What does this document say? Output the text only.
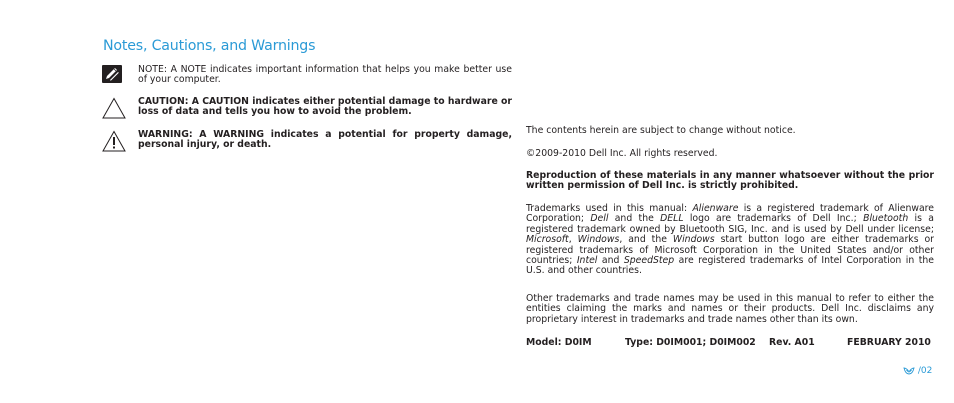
Notes, Cautions, and Warnings
NOTE: A NOTE indicates important information that helps you make better use of your computer.
CAUTION: A CAUTION indicates either potential damage to hardware or loss of data and tells you how to avoid the problem.
WARNING: A WARNING indicates a potential for property damage, personal injury, or death.

The contents herein are subject to change without notice.

©2009-2010 Dell Inc. All rights reserved.

Reproduction of these materials in any manner whatsoever without the prior written permission of Dell Inc. is strictly prohibited.

Trademarks used in this manual: Alienware is a registered trademark of Alienware Corporation; Dell and the DELL logo are trademarks of Dell Inc.; Bluetooth is a registered trademark owned by Bluetooth SIG, Inc. and is used by Dell under license; Microsoft, Windows, and the Windows start button logo are either trademarks or registered trademarks of Microsoft Corporation in the United States and/or other countries; Intel and SpeedStep are registered trademarks of Intel Corporation in the U.S. and other countries.

Other trademarks and trade names may be used in this manual to refer to either the entities claiming the marks and names or their products. Dell Inc. disclaims any proprietary interest in trademarks and trade names other than its own.

Model: D0IM	Type: D0IM001; D0IM002 Rev. A01	FEBRUARY 2010
/02
